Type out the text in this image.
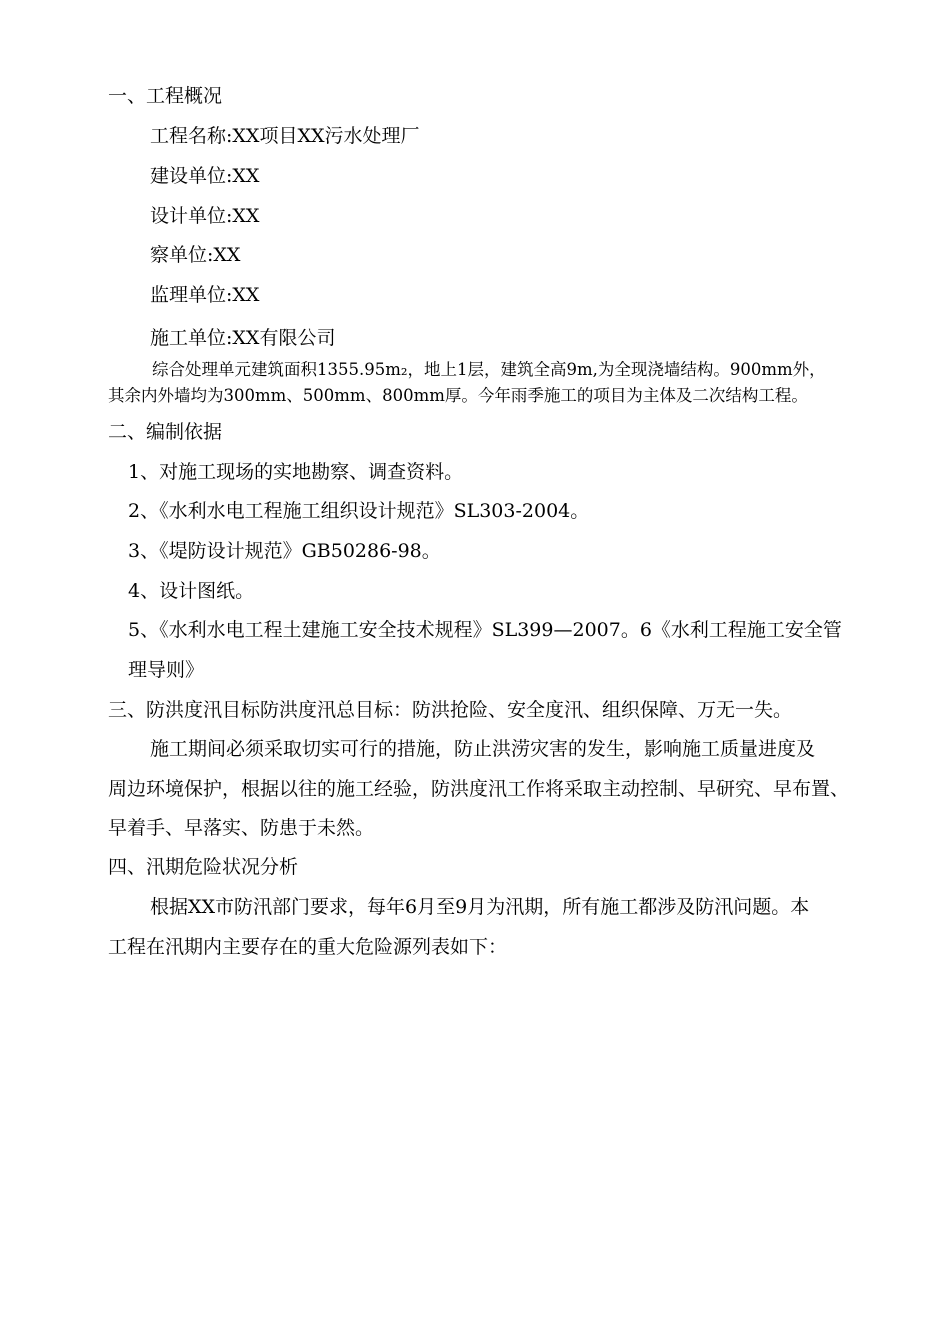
一、工程概况

工程名称:XX项目XX污水处理厂

建设单位:XX

设计单位:XX

察单位:XX

监理单位:XX

施工单位:XX有限公司

综合处理单元建筑面积1355.95m₂，地上1层，建筑全高9m,为全现浇墙结构。900mm外，

其余内外墙均为300mm、500mm、800mm厚。今年雨季施工的项目为主体及二次结构工程。

二、编制依据

1、对施工现场的实地勘察、调查资料。

2、《水利水电工程施工组织设计规范》SL303-2004。

3、《堤防设计规范》GB50286-98。

4、设计图纸。

5、《水利水电工程土建施工安全技术规程》SL399—2007。6《水利工程施工安全管

理导则》

三、防洪度汛目标防洪度汛总目标：防洪抢险、安全度汛、组织保障、万无一失。

施工期间必须采取切实可行的措施，防止洪涝灾害的发生，影响施工质量进度及

周边环境保护，根据以往的施工经验，防洪度汛工作将采取主动控制、早研究、早布置、

早着手、早落实、防患于未然。

四、汛期危险状况分析

根据XX市防汛部门要求，每年6月至9月为汛期，所有施工都涉及防汛问题。本

工程在汛期内主要存在的重大危险源列表如下：
